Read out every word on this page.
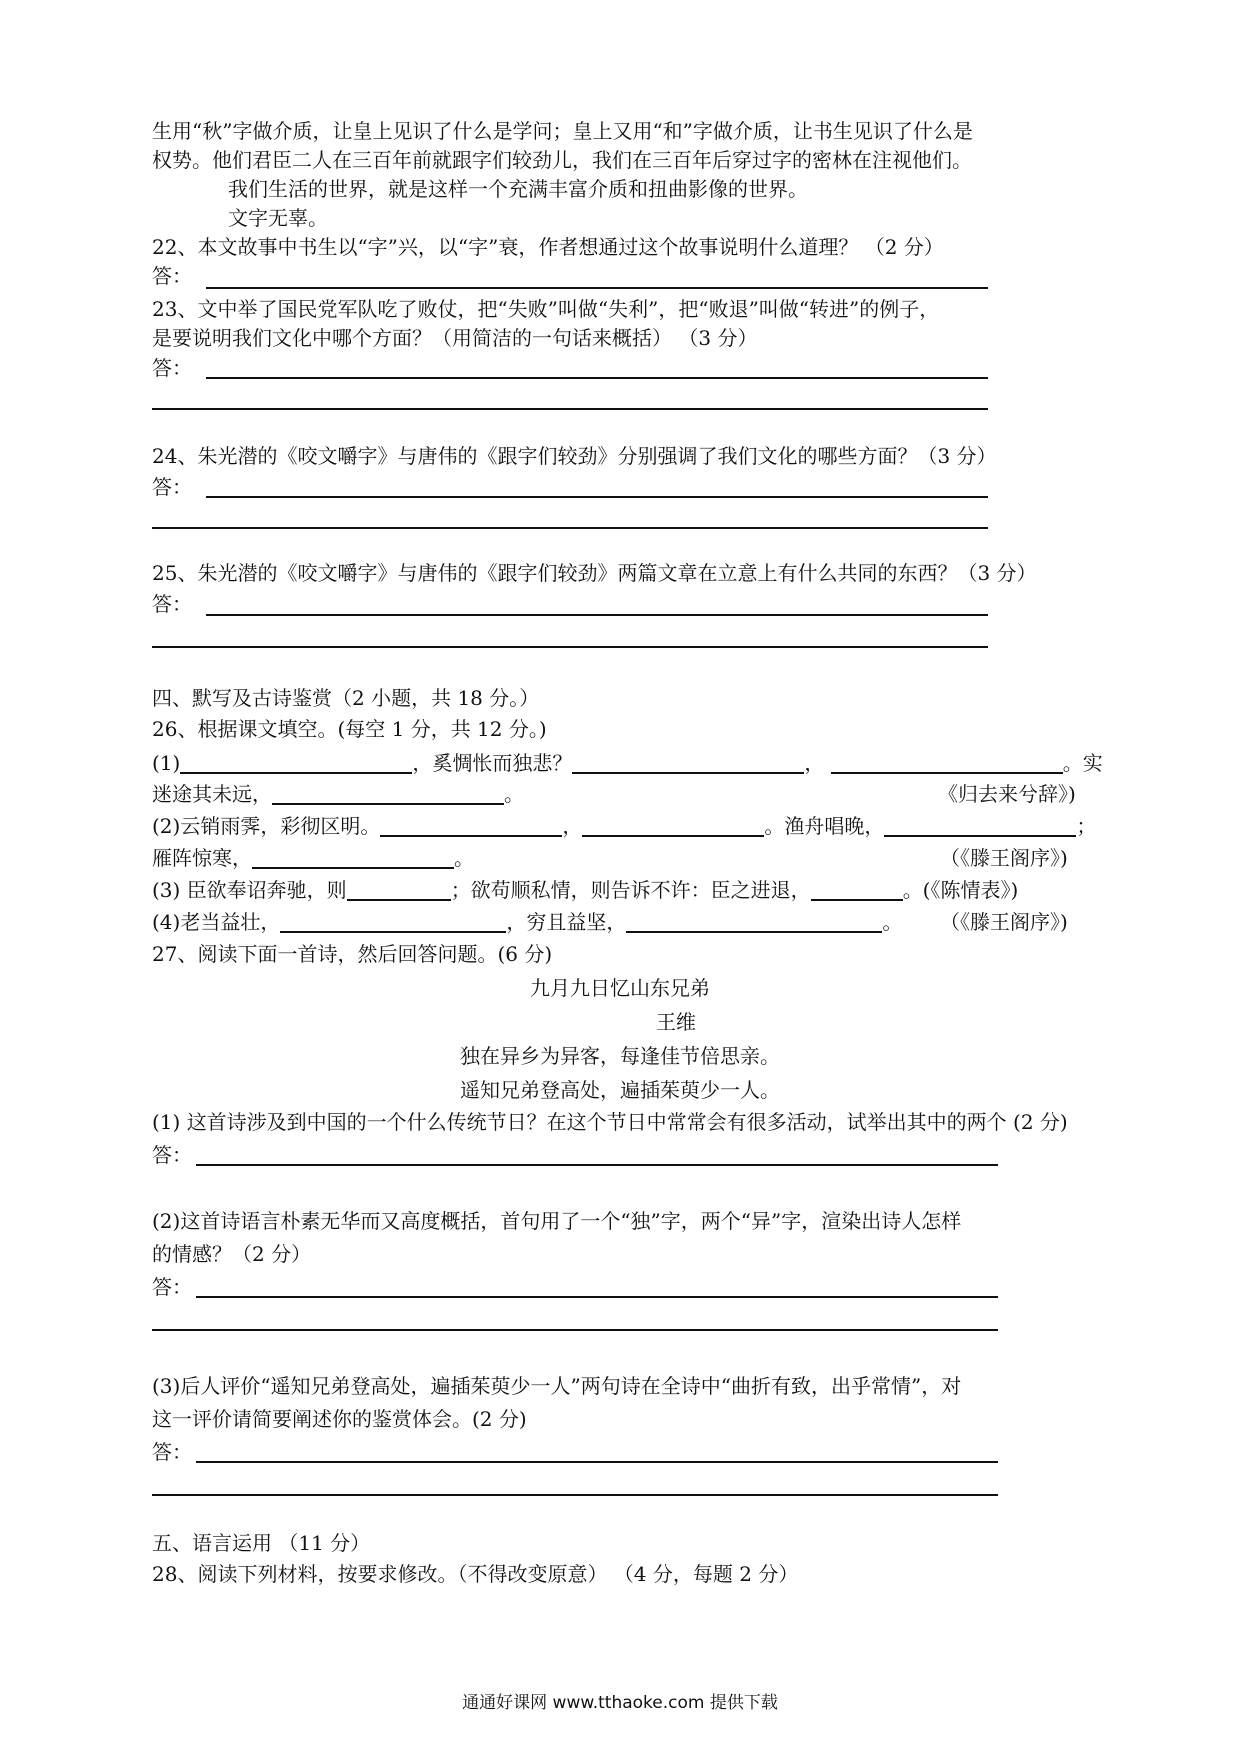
生用“秋”字做介质，让皇上见识了什么是学问；皇上又用“和”字做介质，让书生见识了什么是
权势。他们君臣二人在三百年前就跟字们较劲儿，我们在三百年后穿过字的密林在注视他们。
我们生活的世界，就是这样一个充满丰富介质和扭曲影像的世界。
文字无辜。
22、本文故事中书生以“字”兴，以“字”衰，作者想通过这个故事说明什么道理？ （2 分）
答：
23、文中举了国民党军队吃了败仗，把“失败”叫做“失利”，把“败退”叫做“转进”的例子，
是要说明我们文化中哪个方面？（用简洁的一句话来概括） （3 分）
答：
24、朱光潜的《咬文嚼字》与唐伟的《跟字们较劲》分别强调了我们文化的哪些方面？（3 分）
答：
25、朱光潜的《咬文嚼字》与唐伟的《跟字们较劲》两篇文章在立意上有什么共同的东西？（3 分）
答：
四、默写及古诗鉴赏（2 小题，共 18 分。）
26、根据课文填空。(每空 1 分，共 12 分。)
(1)	，奚惆怅而独悲？	，	。实
迷途其未远，	。	《归去来兮辞》)
(2)云销雨霁，彩彻区明。	，	。渔舟唱晚，	；
雁阵惊寒，	。	（《滕王阁序》)
(3) 臣欲奉诏奔驰，则	；欲苟顺私情，则告诉不许：臣之进退，	。(《陈情表》)
(4)老当益壮，	，穷且益坚，	。 （《滕王阁序》)
27、阅读下面一首诗，然后回答问题。(6 分)
九月九日忆山东兄弟
王维
独在异乡为异客，每逢佳节倍思亲。
遥知兄弟登高处，遍插茱萸少一人。
(1) 这首诗涉及到中国的一个什么传统节日？在这个节日中常常会有很多活动，试举出其中的两个 (2 分)
答：
(2)这首诗语言朴素无华而又高度概括，首句用了一个“独”字，两个“异”字，渲染出诗人怎样
的情感？（2 分）
答：
(3)后人评价“遥知兄弟登高处，遍插茱萸少一人”两句诗在全诗中“曲折有致，出乎常情”，对
这一评价请简要阐述你的鉴赏体会。(2 分)
答：
五、语言运用 （11 分）
28、阅读下列材料，按要求修改。（不得改变原意） （4 分，每题 2 分）
通通好课网 www.tthaoke.com 提供下载
